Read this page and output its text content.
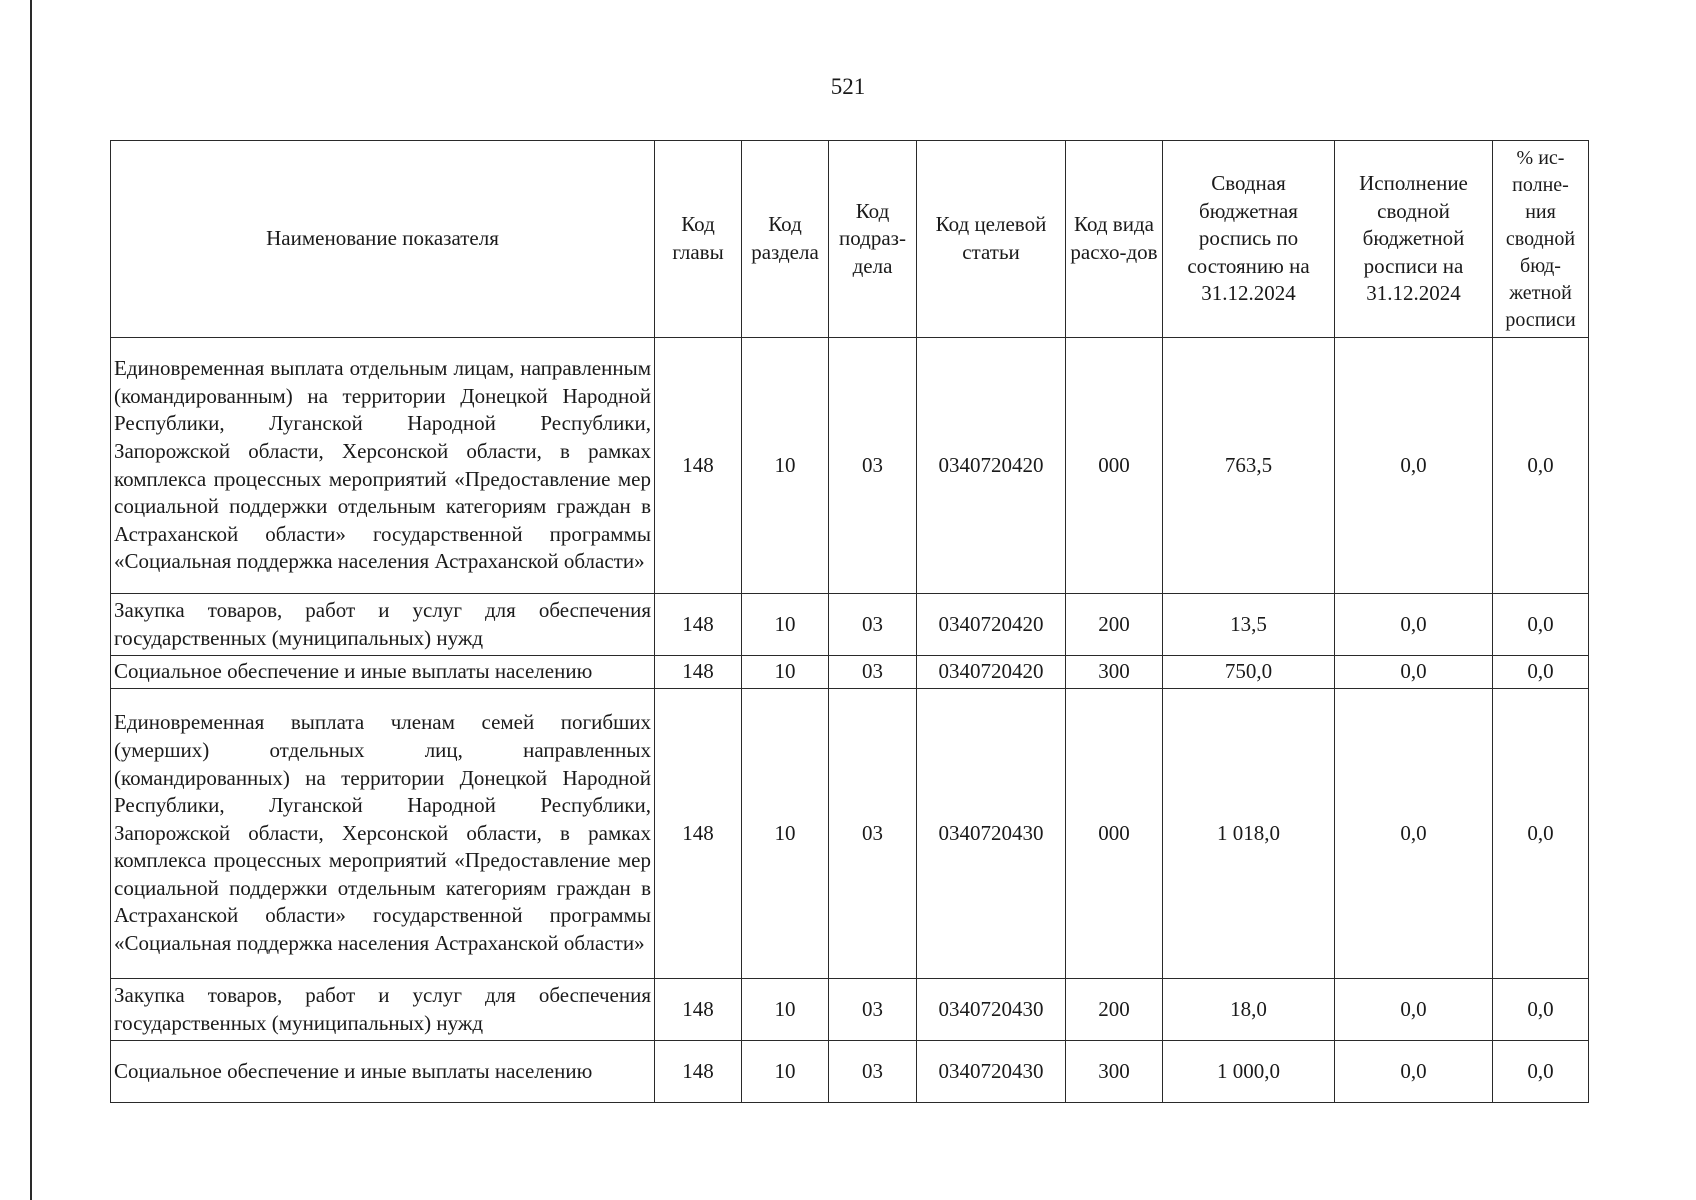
521
Наименование показателя	Код главы	Код раздела	Код подраз-дела	Код целевой статьи	Код вида расхо-дов	Сводная бюджетная роспись по состоянию на 31.12.2024	Исполнение сводной бюджетной росписи на 31.12.2024	% ис-полне-ния сводной бюд-жетной росписи
Единовременная выплата отдельным лицам, направленным (командированным) на территории Донецкой Народной Республики, Луганской Народной Республики, Запорожской области, Херсонской области, в рамках комплекса процессных мероприятий «Предоставление мер социальной поддержки отдельным категориям граждан в Астраханской области» государственной программы «Социальная поддержка населения Астраханской области»	148	10	03	0340720420	000	763,5	0,0	0,0
Закупка товаров, работ и услуг для обеспечения государственных (муниципальных) нужд	148	10	03	0340720420	200	13,5	0,0	0,0
Социальное обеспечение и иные выплаты населению	148	10	03	0340720420	300	750,0	0,0	0,0
Единовременная выплата членам семей погибших (умерших) отдельных лиц, направленных (командированных) на территории Донецкой Народной Республики, Луганской Народной Республики, Запорожской области, Херсонской области, в рамках комплекса процессных мероприятий «Предоставление мер социальной поддержки отдельным категориям граждан в Астраханской области» государственной программы «Социальная поддержка населения Астраханской области»	148	10	03	0340720430	000	1 018,0	0,0	0,0
Закупка товаров, работ и услуг для обеспечения государственных (муниципальных) нужд	148	10	03	0340720430	200	18,0	0,0	0,0
Социальное обеспечение и иные выплаты населению	148	10	03	0340720430	300	1 000,0	0,0	0,0
